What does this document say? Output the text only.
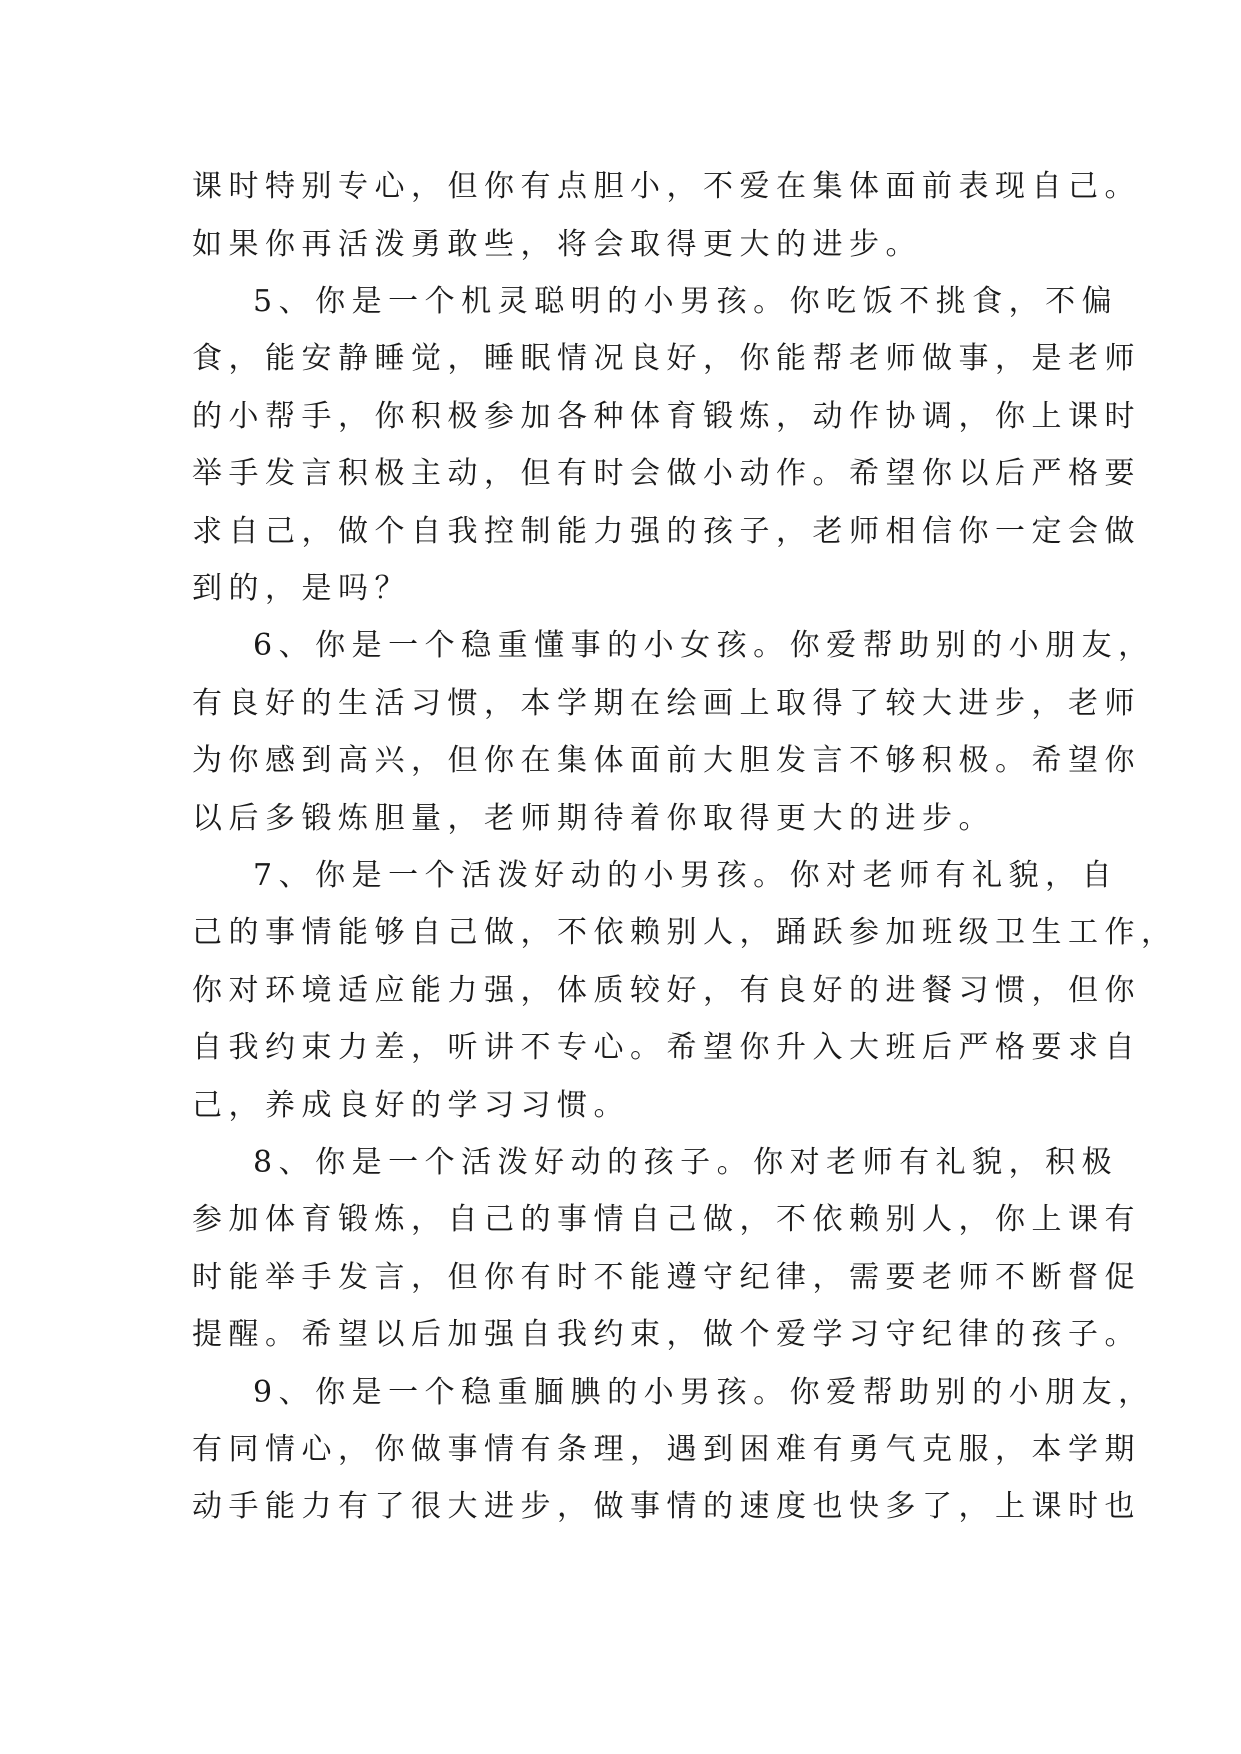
课时特别专心，但你有点胆小，不爱在集体面前表现自己。
如果你再活泼勇敢些，将会取得更大的进步。
5、你是一个机灵聪明的小男孩。你吃饭不挑食，不偏
食，能安静睡觉，睡眠情况良好，你能帮老师做事，是老师
的小帮手，你积极参加各种体育锻炼，动作协调，你上课时
举手发言积极主动，但有时会做小动作。希望你以后严格要
求自己，做个自我控制能力强的孩子，老师相信你一定会做
到的，是吗？
6、你是一个稳重懂事的小女孩。你爱帮助别的小朋友，
有良好的生活习惯，本学期在绘画上取得了较大进步，老师
为你感到高兴，但你在集体面前大胆发言不够积极。希望你
以后多锻炼胆量，老师期待着你取得更大的进步。
7、你是一个活泼好动的小男孩。你对老师有礼貌，自
己的事情能够自己做，不依赖别人，踊跃参加班级卫生工作，
你对环境适应能力强，体质较好，有良好的进餐习惯，但你
自我约束力差，听讲不专心。希望你升入大班后严格要求自
己，养成良好的学习习惯。
8、你是一个活泼好动的孩子。你对老师有礼貌，积极
参加体育锻炼，自己的事情自己做，不依赖别人，你上课有
时能举手发言，但你有时不能遵守纪律，需要老师不断督促
提醒。希望以后加强自我约束，做个爱学习守纪律的孩子。
9、你是一个稳重腼腆的小男孩。你爱帮助别的小朋友，
有同情心，你做事情有条理，遇到困难有勇气克服，本学期
动手能力有了很大进步，做事情的速度也快多了，上课时也
